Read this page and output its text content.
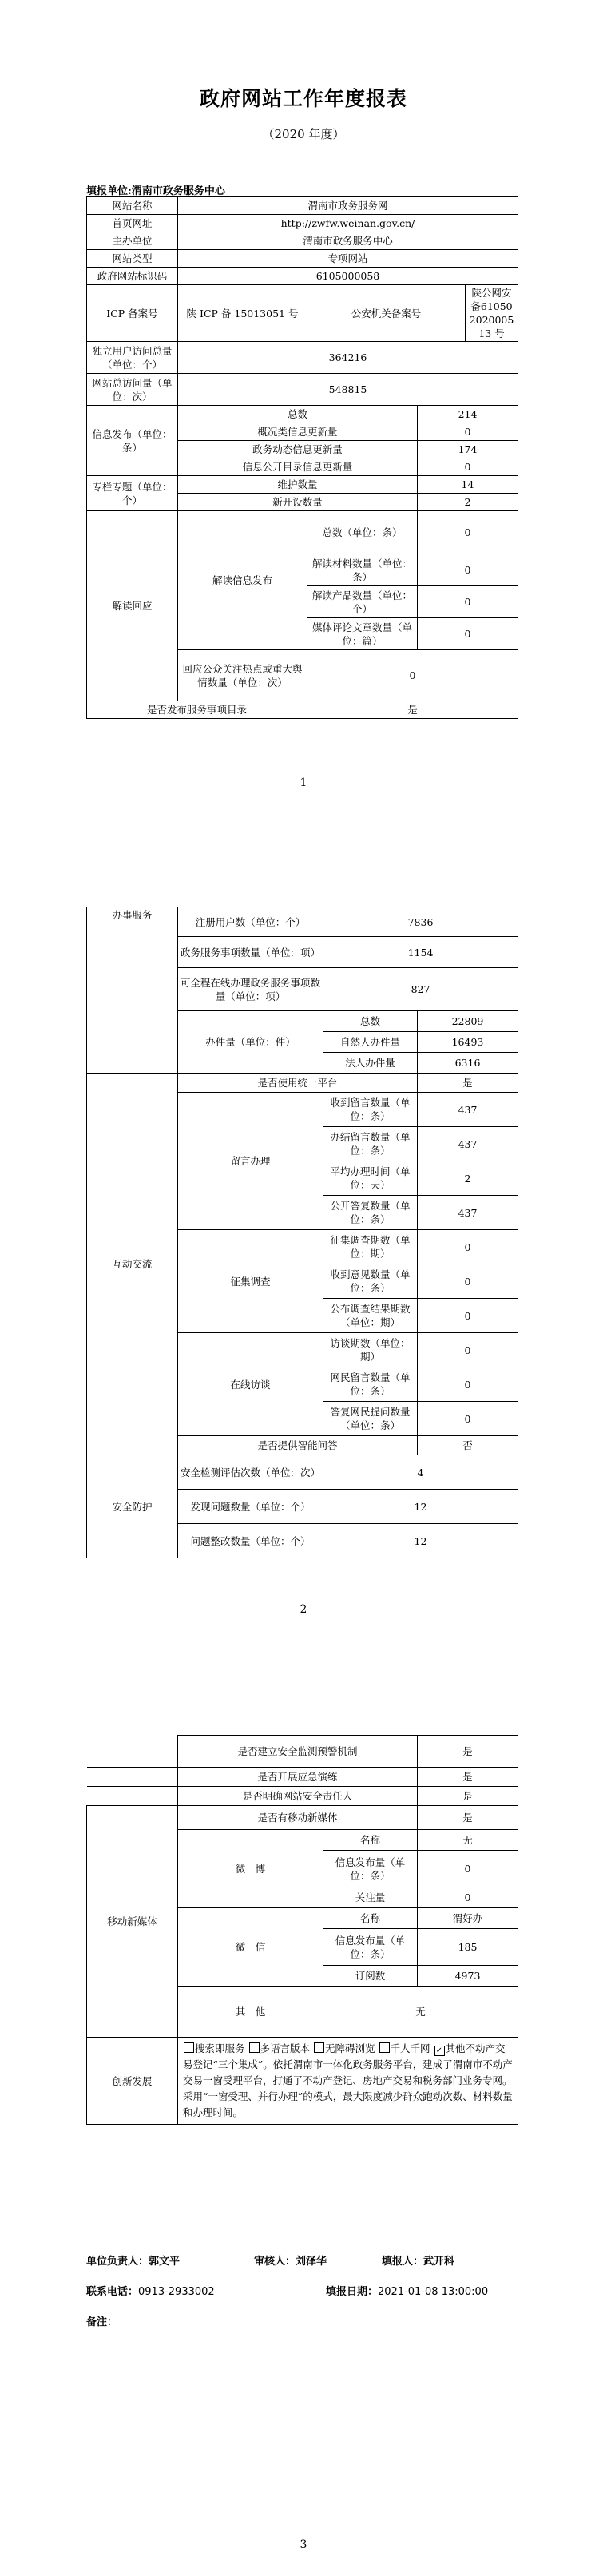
政府网站工作年度报表
（2020 年度）
填报单位:渭南市政务服务中心
网站名称	渭南市政务服务网			
首页网址	http://zwfw.weinan.gov.cn/			
主办单位	渭南市政务服务中心			
网站类型	专项网站			
政府网站标识码	6105000058			
ICP 备案号	陕 ICP 备 15013051 号	公安机关备案号		陕公网安备61050202000513 号
独立用户访问总量（单位：个）	364216			
网站总访问量（单位：次）	548815			
信息发布（单位：条）	总数		214	
	概况类信息更新量		0	
	政务动态信息更新量		174	
	信息公开目录信息更新量		0	
专栏专题（单位：个）	维护数量		14	
	新开设数量		2	
解读回应	解读信息发布	总数（单位：条）	0	
		解读材料数量（单位：条）	0	
		解读产品数量（单位：个）	0	
		媒体评论文章数量（单位：篇）	0	
	回应公众关注热点或重大舆情数量（单位：次）	0		
是否发布服务事项目录		是		
1
办事服务	注册用户数（单位：个）	7836	
	政务服务事项数量（单位：项）	1154	
	可全程在线办理政务服务事项数量（单位：项）	827	
	办件量（单位：件）	总数	22809
		自然人办件量	16493
		法人办件量	6316
互动交流	是否使用统一平台		是
	留言办理	收到留言数量（单位：条）	437
		办结留言数量（单位：条）	437
		平均办理时间（单位：天）	2
		公开答复数量（单位：条）	437
	征集调查	征集调查期数（单位：期）	0
		收到意见数量（单位：条）	0
		公布调查结果期数（单位：期）	0
	在线访谈	访谈期数（单位：期）	0
		网民留言数量（单位：条）	0
		答复网民提问数量（单位：条）	0
	是否提供智能问答		否
安全防护	安全检测评估次数（单位：次）	4	
	发现问题数量（单位：个）	12	
	问题整改数量（单位：个）	12	
2
	是否建立安全监测预警机制		是
	是否开展应急演练		是
	是否明确网站安全责任人		是
移动新媒体	是否有移动新媒体		是
	微　博	名称	无
		信息发布量（单位：条）	0
		关注量	0
	微　信	名称	渭好办
		信息发布量（单位：条）	185
		订阅数	4973
	其　他	无	
创新发展	搜索即服务 多语言版本 无障碍浏览 千人千网 ✓ 其他不动产交易登记“三个集成”。依托渭南市一体化政务服务平台，建成了渭南市不动产交易一窗受理平台，打通了不动产登记、房地产交易和税务部门业务专网。采用“一窗受理、并行办理”的模式，最大限度减少群众跑动次数、材料数量和办理时间。		
单位负责人：郭文平	审核人：刘泽华	填报人：武开科
联系电话：0913-2933002	填报日期：2021-01-08 13:00:00
备注：
3
